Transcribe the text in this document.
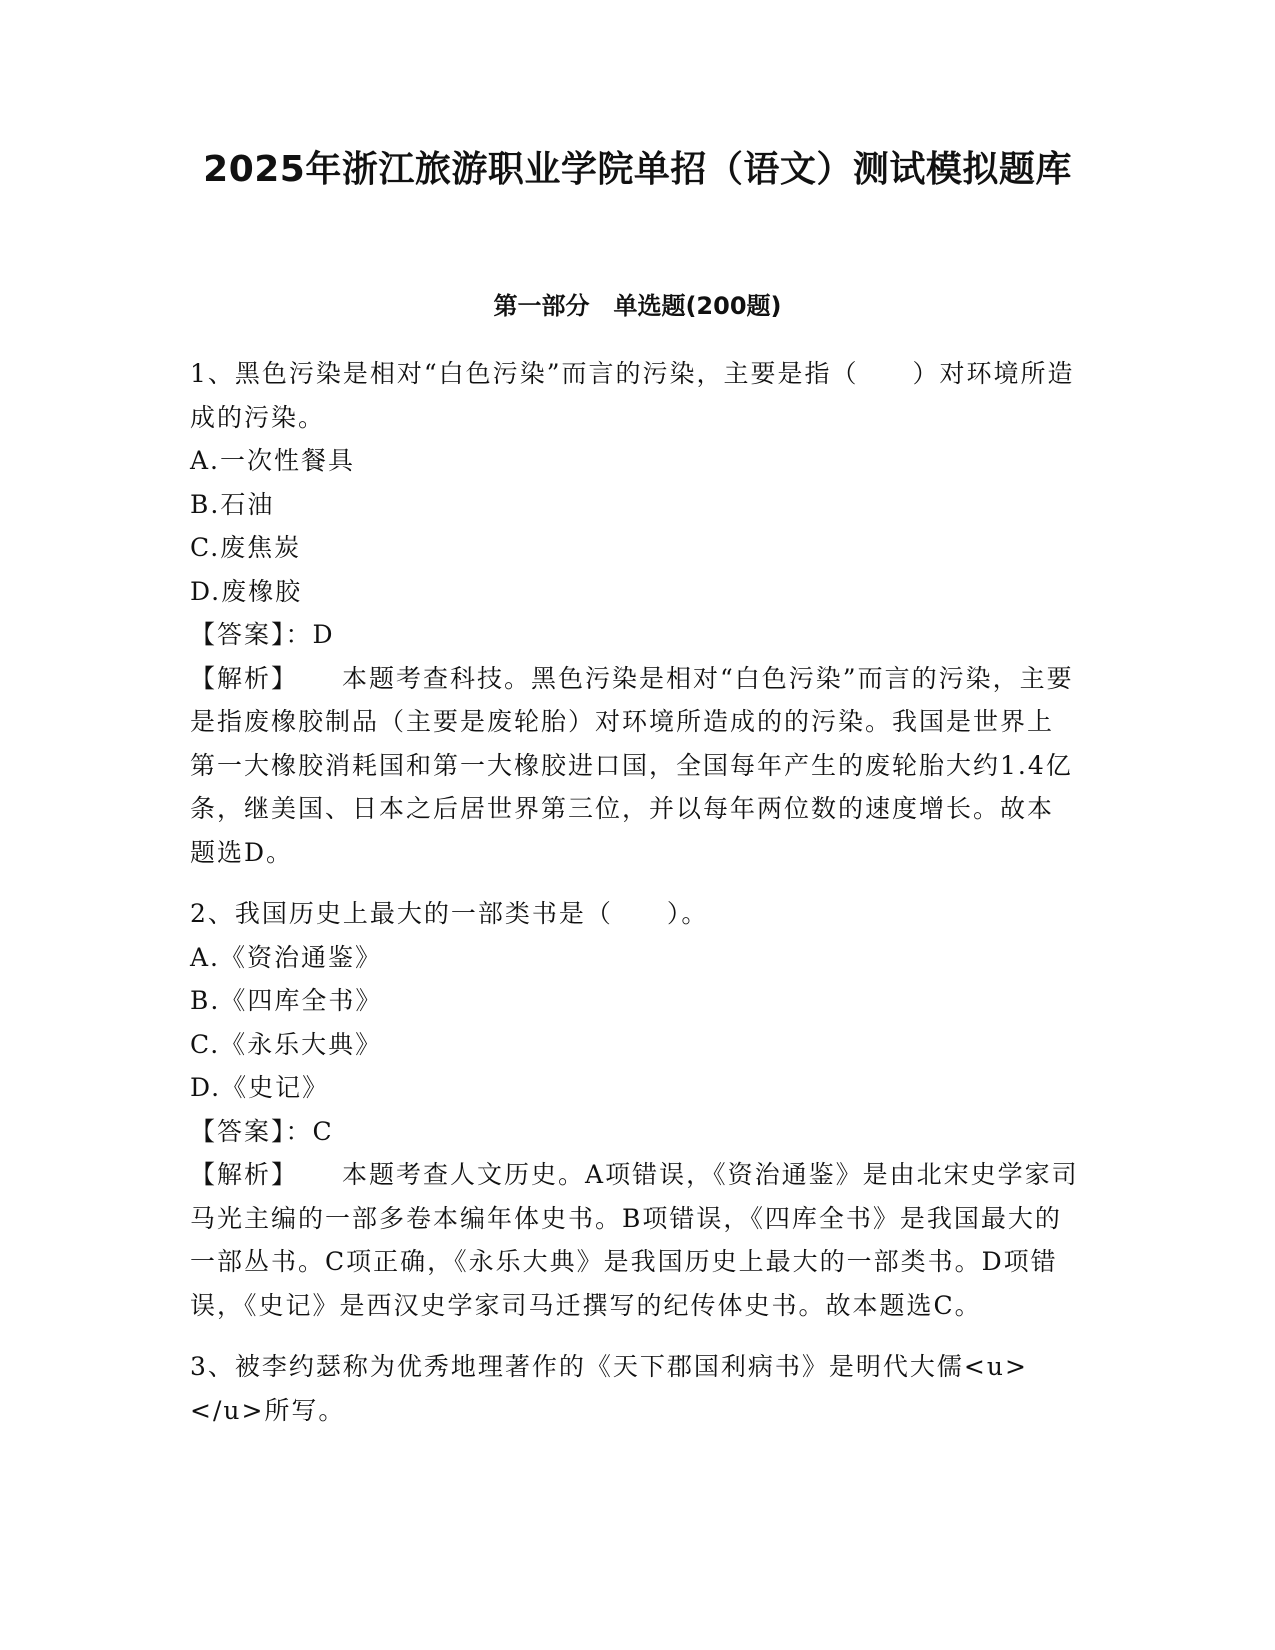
2025年浙江旅游职业学院单招（语文）测试模拟题库
第一部分　单选题(200题)

1、黑色污染是相对“白色污染”而言的污染，主要是指（　　）对环境所造成的污染。

A.一次性餐具

B.石油

C.废焦炭

D.废橡胶

【答案】：D

【解析】 本题考查科技。黑色污染是相对“白色污染”而言的污染，主要是指废橡胶制品（主要是废轮胎）对环境所造成的的污染。我国是世界上第一大橡胶消耗国和第一大橡胶进口国，全国每年产生的废轮胎大约1.4亿条，继美国、日本之后居世界第三位，并以每年两位数的速度增长。故本题选D。

2、我国历史上最大的一部类书是（　　）。

A.《资治通鉴》

B.《四库全书》

C.《永乐大典》

D.《史记》

【答案】：C

【解析】 本题考查人文历史。A项错误，《资治通鉴》是由北宋史学家司马光主编的一部多卷本编年体史书。B项错误，《四库全书》是我国最大的一部丛书。C项正确，《永乐大典》是我国历史上最大的一部类书。D项错误，《史记》是西汉史学家司马迁撰写的纪传体史书。故本题选C。

3、被李约瑟称为优秀地理著作的《天下郡国利病书》是明代大儒<u></u>所写。
